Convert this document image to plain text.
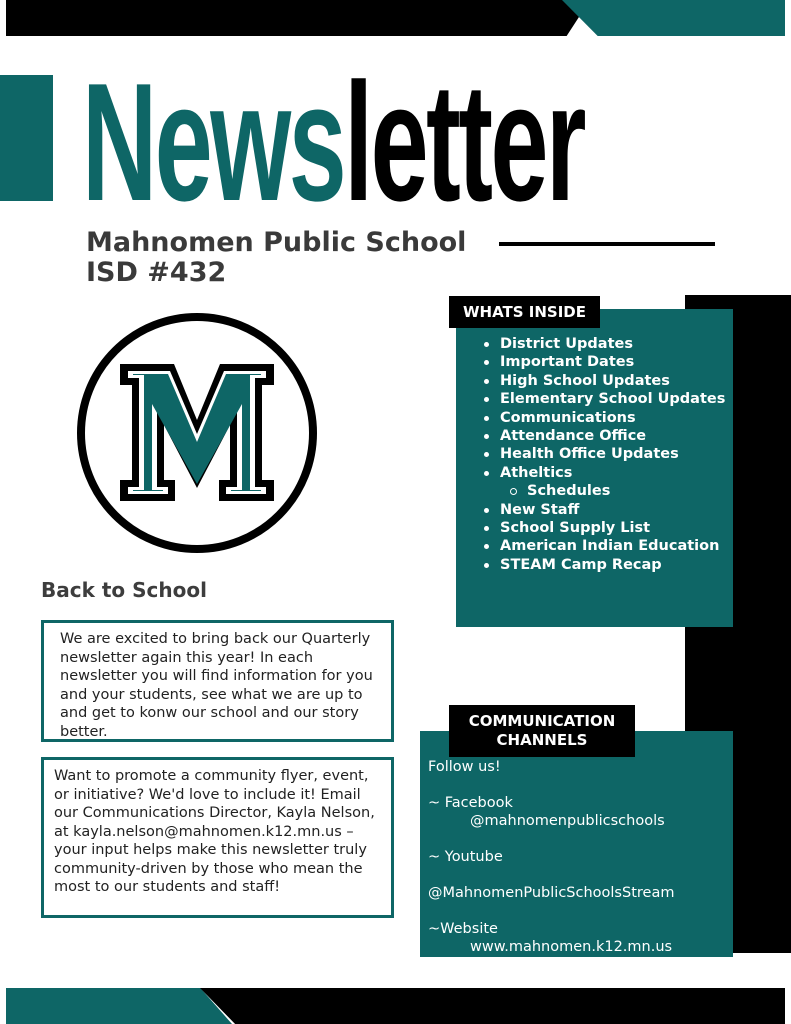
Newsletter
Mahnomen Public School
ISD #432
Back to School
We are excited to bring back our Quarterly newsletter again this year! In each newsletter you will find information for you and your students, see what we are up to and get to konw our school and our story better.
Want to promote a community flyer, event, or initiative? We'd love to include it! Email our Communications Director, Kayla Nelson, at kayla.nelson@mahnomen.k12.mn.us – your input helps make this newsletter truly community-driven by those who mean the most to our students and staff!
WHATS INSIDE
District Updates
Important Dates
High School Updates
Elementary School Updates
Communications
Attendance Office
Health Office Updates
Atheltics
Schedules
New Staff
School Supply List
American Indian Education
STEAM Camp Recap
COMMUNICATION CHANNELS
Follow us!
~ Facebook
@mahnomenpublicschools
~ Youtube
@MahnomenPublicSchoolsStream
~Website
www.mahnomen.k12.mn.us
